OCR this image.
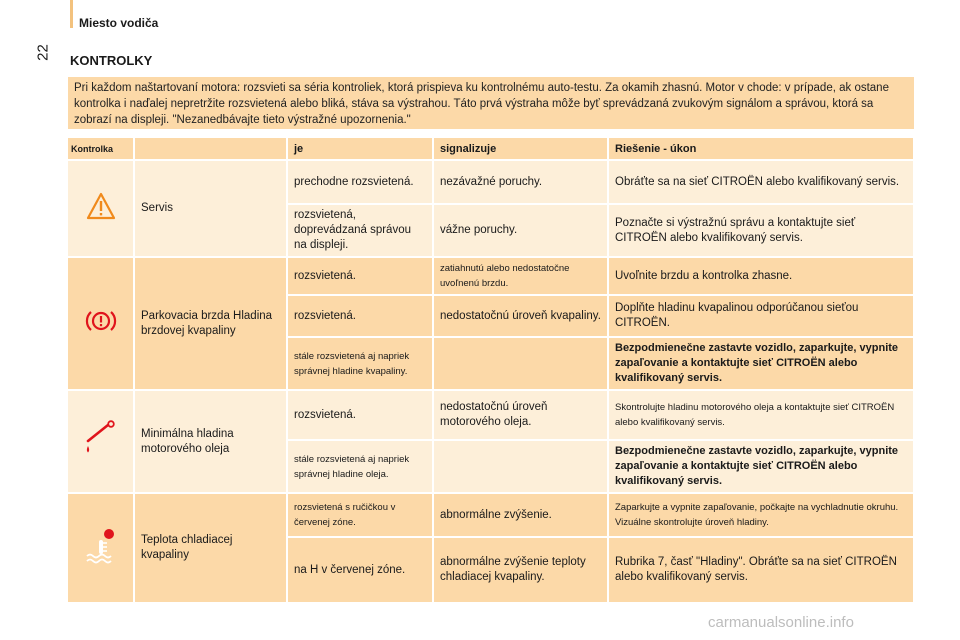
Miesto vodiča
22 KONTROLKY
Pri každom naštartovaní motora: rozsvieti sa séria kontroliek, ktorá prispieva ku kontrolnému auto-testu. Za okamih zhasnú. Motor v chode: v prípade, ak ostane kontrolka i naďalej nepretržite rozsvietená alebo bliká, stáva sa výstrahou. Táto prvá výstraha môže byť sprevádzaná zvukovým signálom a správou, ktorá sa zobrazí na displeji. "Nezanedbávajte tieto výstražné upozornenia."
Kontrolka		je	signalizuje	Riešenie - úkon
	Servis	prechodne rozsvietená.	nezávažné poruchy.	Obráťte sa na sieť CITROËN alebo kvalifikovaný servis.
		rozsvietená, doprevádzaná správou na displeji.	vážne poruchy.	Poznačte si výstražnú správu a kontaktujte sieť CITROËN alebo kvalifikovaný servis.
	Parkovacia brzda Hladina brzdovej kvapaliny	rozsvietená.	zatiahnutú alebo nedostatočne uvoľnenú brzdu.	Uvoľnite brzdu a kontrolka zhasne.
		rozsvietená.	nedostatočnú úroveň kvapaliny.	Doplňte hladinu kvapalinou odporúčanou sieťou CITROËN.
		stále rozsvietená aj napriek správnej hladine kvapaliny.		Bezpodmienečne zastavte vozidlo, zaparkujte, vypnite zapaľovanie a kontaktujte sieť CITROËN alebo kvalifikovaný servis.
	Minimálna hladina motorového oleja	rozsvietená.	nedostatočnú úroveň motorového oleja.	Skontrolujte hladinu motorového oleja a kontaktujte sieť CITROËN alebo kvalifikovaný servis.
		stále rozsvietená aj napriek správnej hladine oleja.		Bezpodmienečne zastavte vozidlo, zaparkujte, vypnite zapaľovanie a kontaktujte sieť CITROËN alebo kvalifikovaný servis.
	Teplota chladiacej kvapaliny	rozsvietená s ručičkou v červenej zóne.	abnormálne zvýšenie.	Zaparkujte a vypnite zapaľovanie, počkajte na vychladnutie okruhu. Vizuálne skontrolujte úroveň hladiny.
		na H v červenej zóne.	abnormálne zvýšenie teploty chladiacej kvapaliny.	Rubrika 7, časť "Hladiny". Obráťte sa na sieť CITROËN alebo kvalifikovaný servis.
carmanualsonline.info
